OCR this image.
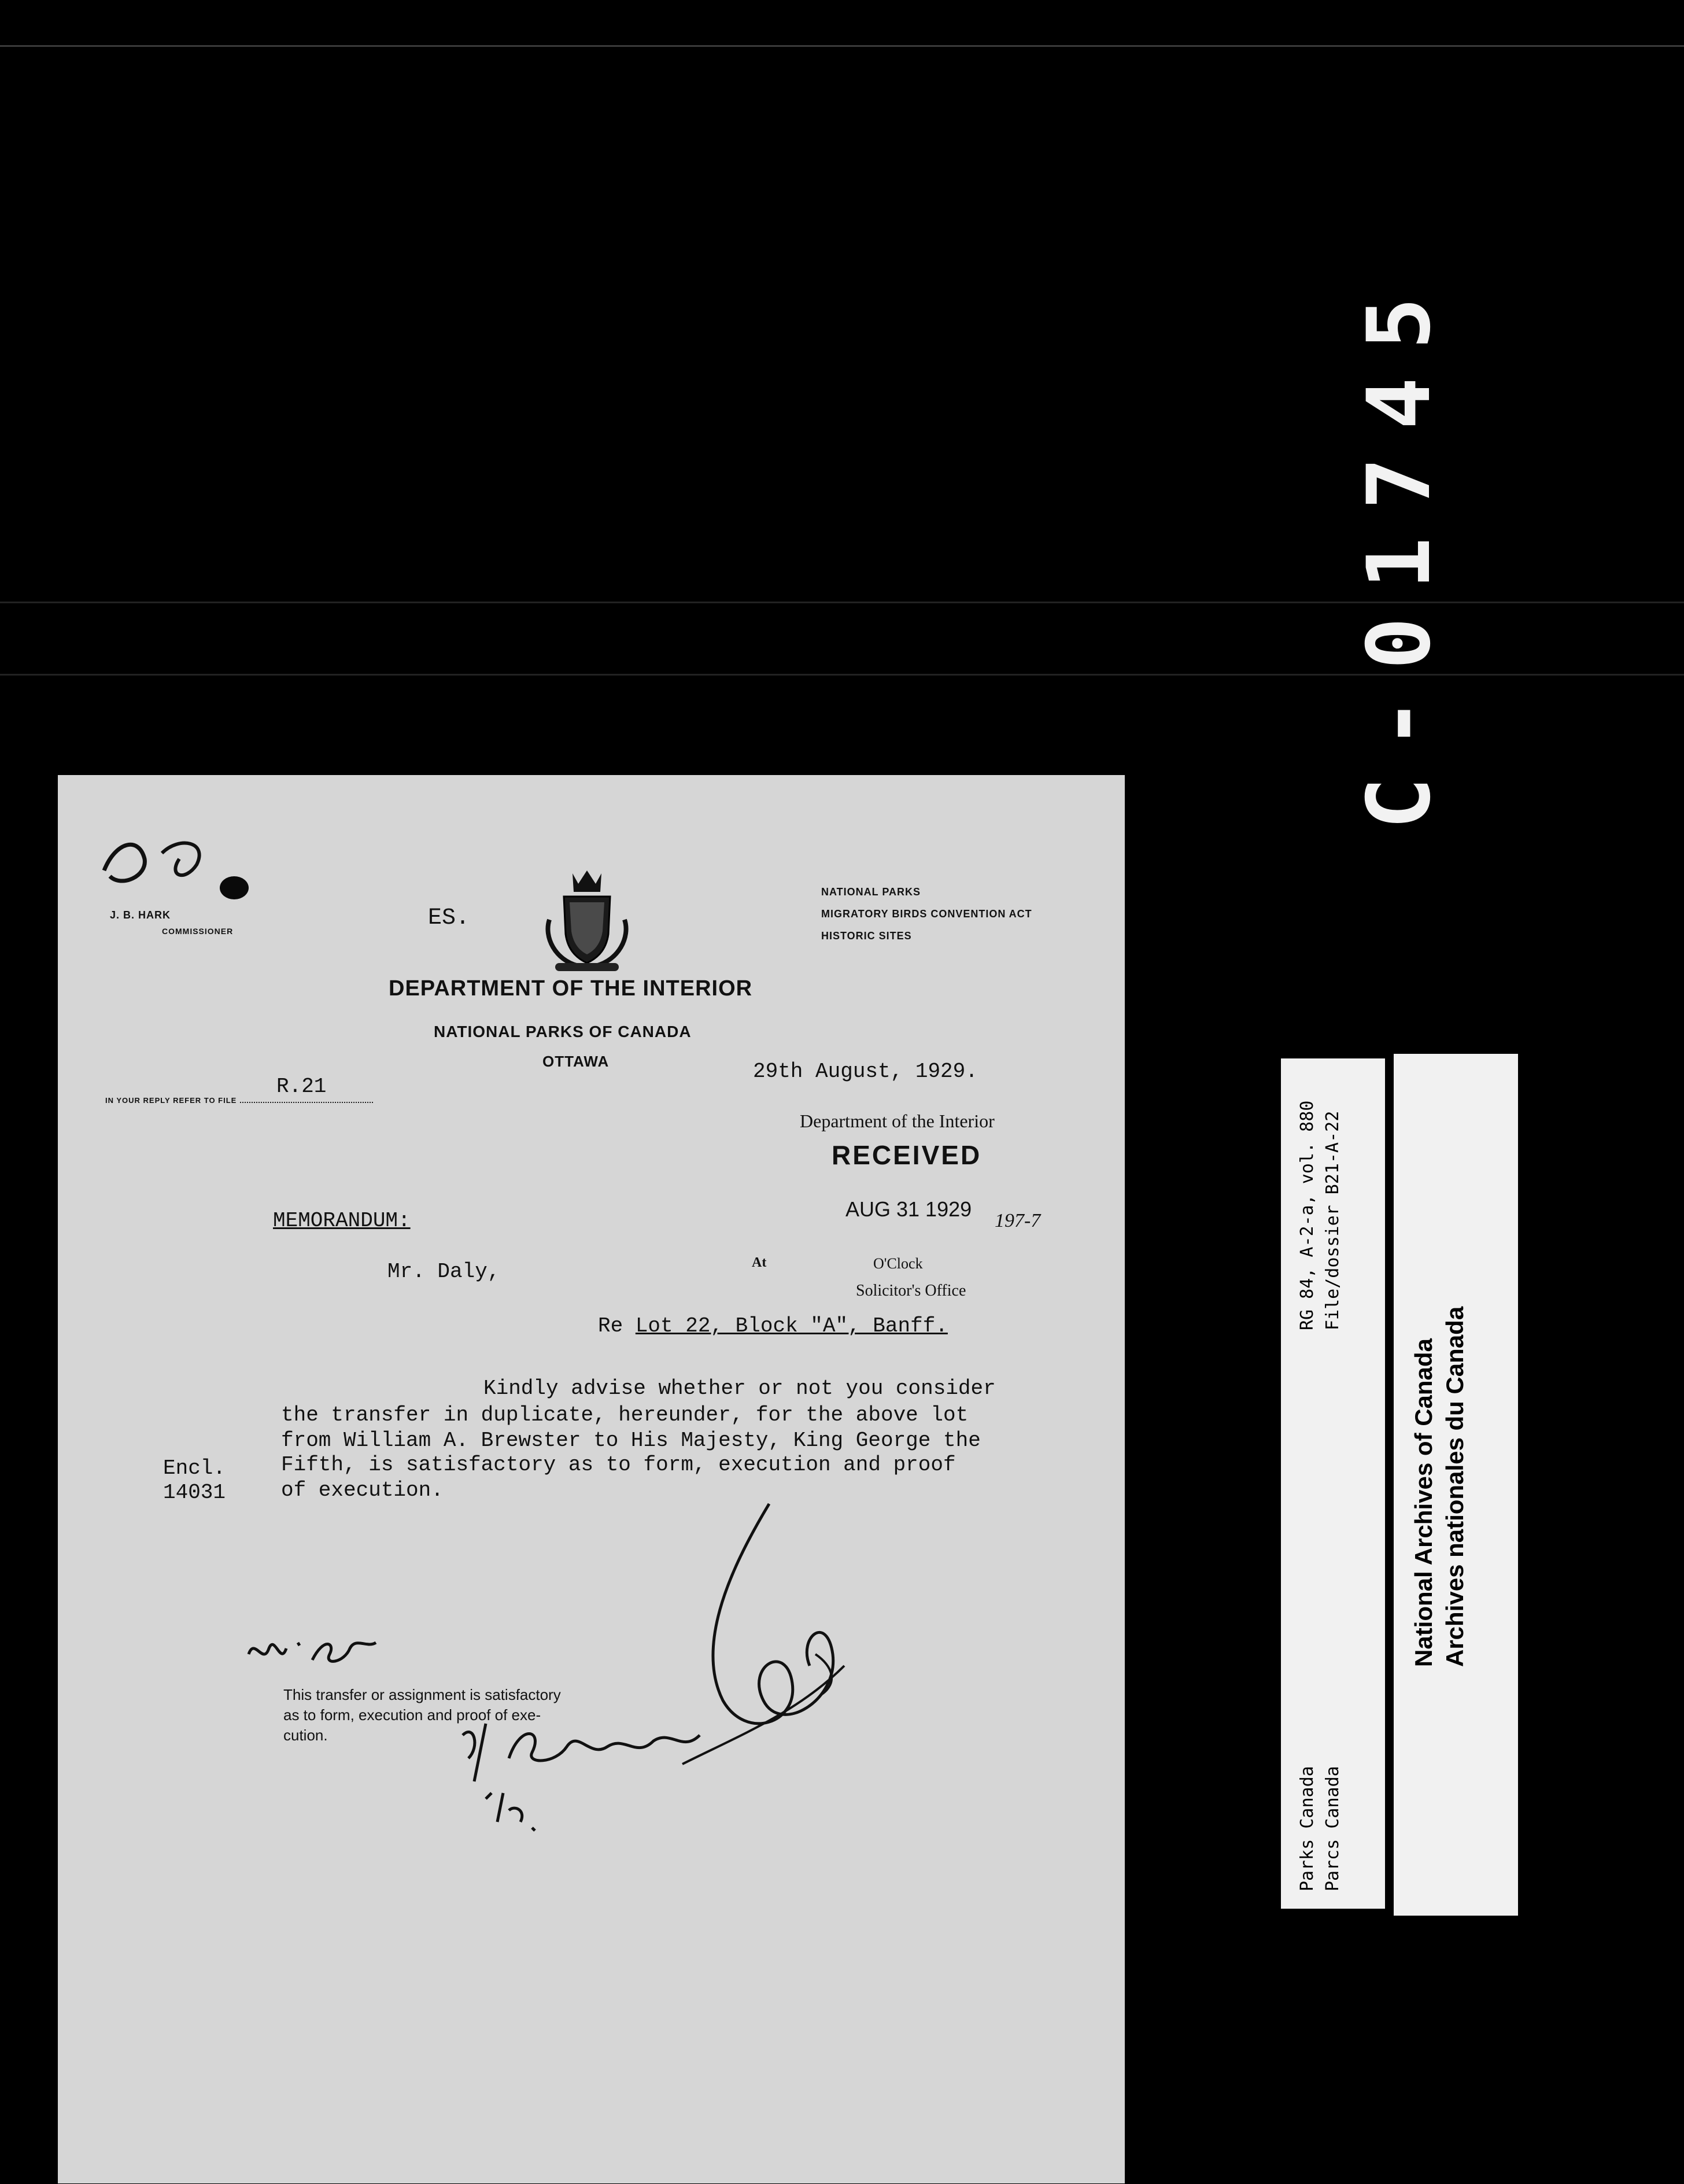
C-01745
J. B. HARK
COMMISSIONER	ES.
NATIONAL PARKS
MIGRATORY BIRDS CONVENTION ACT
HISTORIC SITES
DEPARTMENT OF THE INTERIOR
NATIONAL PARKS OF CANADA
OTTAWA
IN YOUR REPLY REFER TO FILE
R.21
29th August, 1929.
Department of the Interior
RECEIVED
AUG 31 1929 197-7
At	O'Clock
Solicitor's Office
MEMORANDUM:
Mr. Daly,
Re Lot 22, Block "A", Banff.
Kindly advise whether or not you consider
the transfer in duplicate, hereunder, for the above lot
from William A. Brewster to His Majesty, King George the
Fifth, is satisfactory as to form, execution and proof
of execution.
Encl.
14031
This transfer or assignment is satisfactory
as to form, execution and proof of exe-
cution.
RG 84, A-2-a, vol. 880 File/dossier B21-A-22
Parks Canada Parcs Canada
National Archives of Canada Archives nationales du Canada
